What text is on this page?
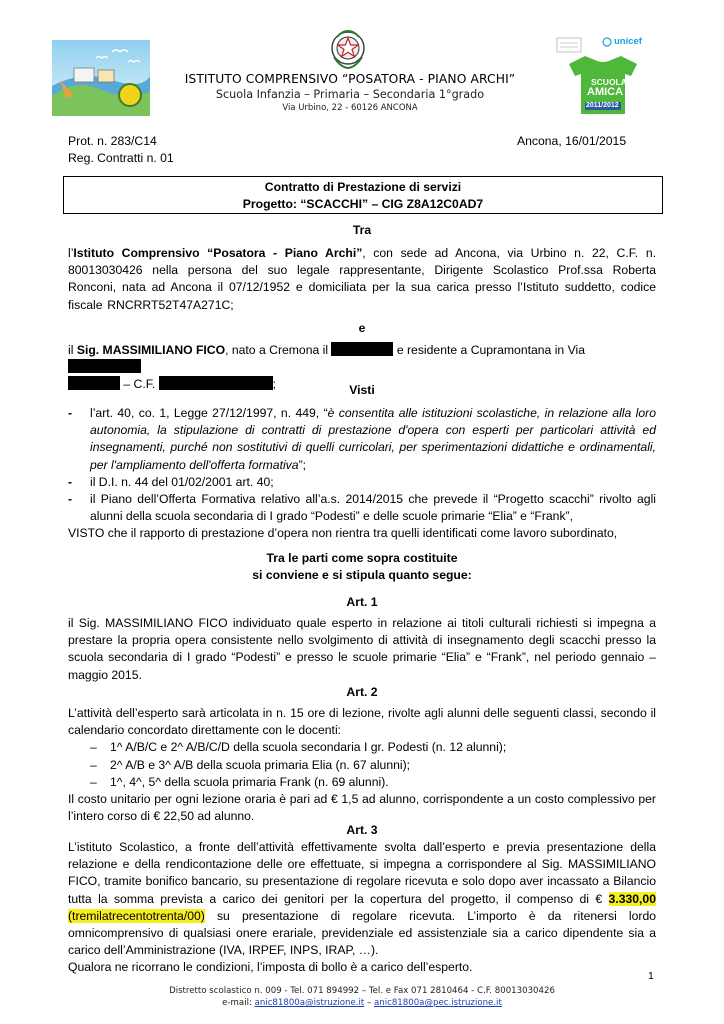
unicef
SCUOLA
AMICA
2011/2012
ISTITUTO COMPRENSIVO “POSATORA - PIANO ARCHI”
Scuola Infanzia – Primaria – Secondaria 1°grado
Via Urbino, 22 - 60126 ANCONA
Prot. n. 283/C14
Reg. Contratti n. 01
Ancona, 16/01/2015
Contratto di Prestazione di servizi
Progetto: “SCACCHI” – CIG Z8A12C0AD7
Tra
l’Istituto Comprensivo “Posatora - Piano Archi”, con sede ad Ancona, via Urbino n. 22, C.F. n. 80013030426 nella persona del suo legale rappresentante, Dirigente Scolastico Prof.ssa Roberta Ronconi, nata ad Ancona il 07/12/1952 e domiciliata per la sua carica presso l’Istituto suddetto, codice fiscale RNCRRT52T47A271C;
e
il Sig. MASSIMILIANO FICO, nato a Cremona il	e residente a Cupramontana in Via
– C.F.	;	Visti
- l’art. 40, co. 1, Legge 27/12/1997, n. 449, “è consentita alle istituzioni scolastiche, in relazione alla loro autonomia, la stipulazione di contratti di prestazione d'opera con esperti per particolari attività ed insegnamenti, purché non sostitutivi di quelli curricolari, per sperimentazioni didattiche e ordinamentali, per l'ampliamento dell'offerta formativa”;
- il D.I. n. 44 del 01/02/2001 art. 40;
- il Piano dell’Offerta Formativa relativo all’a.s. 2014/2015 che prevede il “Progetto scacchi” rivolto agli alunni della scuola secondaria di I grado “Podesti” e delle scuole primarie “Elia” e “Frank”,
VISTO che il rapporto di prestazione d’opera non rientra tra quelli identificati come lavoro subordinato,
Tra le parti come sopra costituite
si conviene e si stipula quanto segue:
Art. 1
il Sig. MASSIMILIANO FICO individuato quale esperto in relazione ai titoli culturali richiesti si impegna a prestare la propria opera consistente nello svolgimento di attività di insegnamento degli scacchi presso la scuola secondaria di I grado “Podesti” e presso le scuole primarie “Elia” e “Frank”, nel periodo gennaio – maggio 2015.
Art. 2
L’attività dell’esperto sarà articolata in n. 15 ore di lezione, rivolte agli alunni delle seguenti classi, secondo il calendario concordato direttamente con le docenti:
– 1^ A/B/C e 2^ A/B/C/D della scuola secondaria I gr. Podesti (n. 12 alunni);
– 2^ A/B e 3^ A/B della scuola primaria Elia (n. 67 alunni);
– 1^, 4^, 5^ della scuola primaria Frank (n. 69 alunni).
Il costo unitario per ogni lezione oraria è pari ad € 1,5 ad alunno, corrispondente a un costo complessivo per l’intero corso di € 22,50 ad alunno.
Art. 3
L’istituto Scolastico, a fronte dell’attività effettivamente svolta dall’esperto e previa presentazione della relazione e della rendicontazione delle ore effettuate, si impegna a corrispondere al Sig. MASSIMILIANO FICO, tramite bonifico bancario, su presentazione di regolare ricevuta e solo dopo aver incassato a Bilancio tutta la somma prevista a carico dei genitori per la copertura del progetto, il compenso di € 3.330,00 (tremilatrecentotrenta/00) su presentazione di regolare ricevuta. L’importo è da ritenersi lordo omnicomprensivo di qualsiasi onere erariale, previdenziale ed assistenziale sia a carico dipendente sia a carico dell’Amministrazione (IVA, IRPEF, INPS, IRAP, …).
Qualora ne ricorrano le condizioni, l’imposta di bollo è a carico dell’esperto.
1
Distretto scolastico n. 009 - Tel. 071 894992 – Tel. e Fax 071 2810464 - C.F. 80013030426
e-mail: anic81800a@istruzione.it – anic81800a@pec.istruzione.it
